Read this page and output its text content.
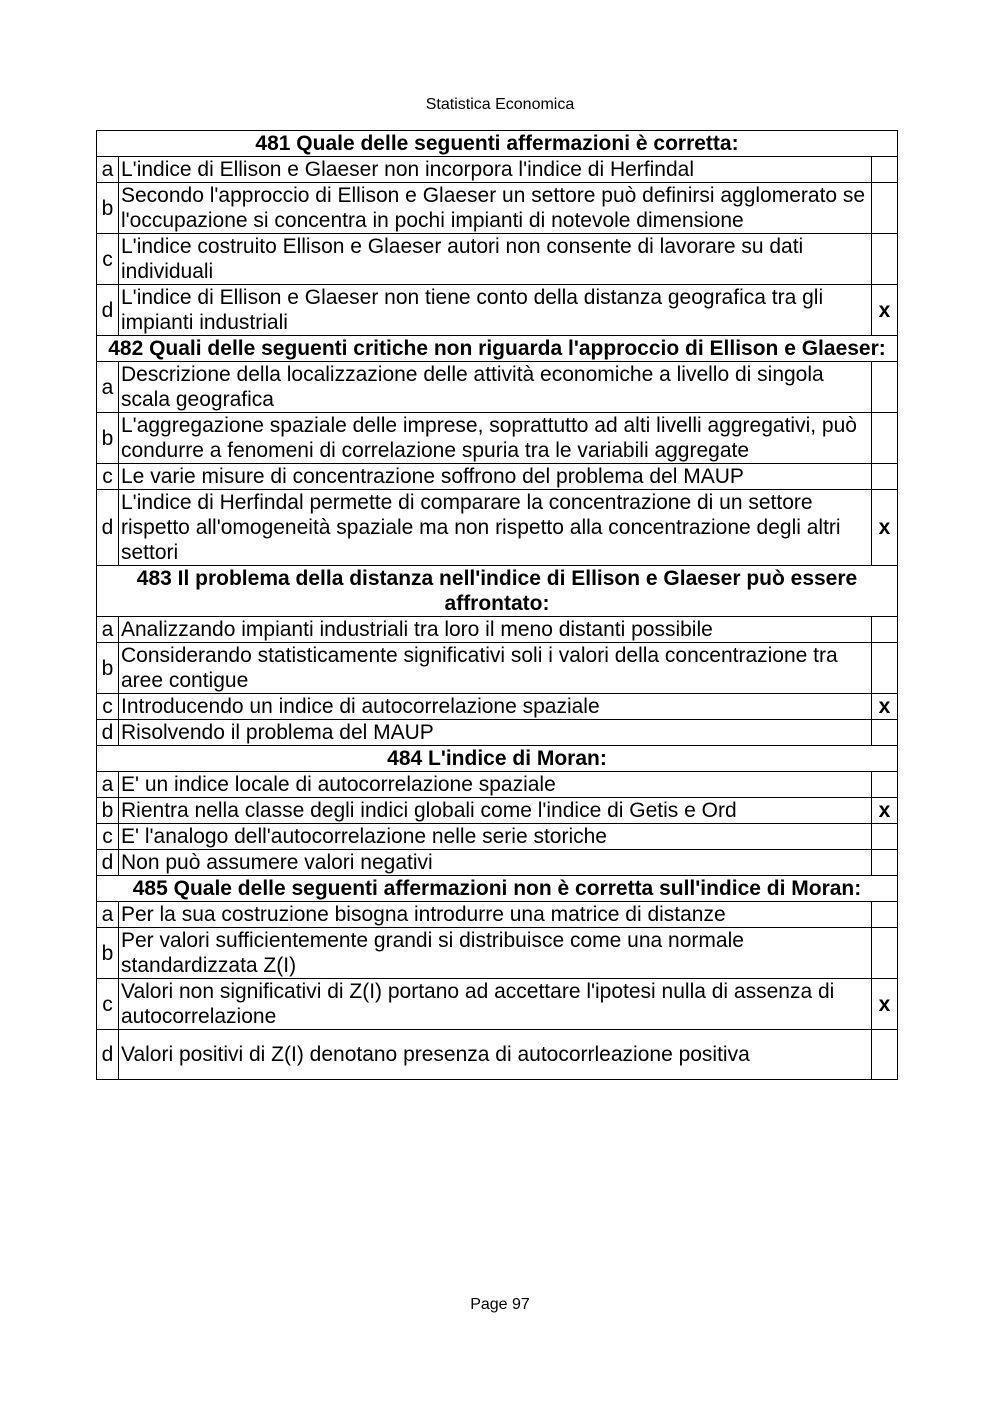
Statistica Economica
481 Quale delle seguenti affermazioni è corretta:		
a	L'indice di Ellison e Glaeser non incorpora l'indice di Herfindal	
b	Secondo l'approccio di Ellison e Glaeser un settore può definirsi agglomerato se l'occupazione si concentra in pochi impianti di notevole dimensione	
c	L'indice costruito Ellison e Glaeser autori non consente di lavorare su dati individuali	
d	L'indice di Ellison e Glaeser non tiene conto della distanza geografica tra gli impianti industriali	x
482 Quali delle seguenti critiche non riguarda l'approccio di Ellison e Glaeser:		
a	Descrizione della localizzazione delle attività economiche a livello di singola scala geografica	
b	L'aggregazione spaziale delle imprese, soprattutto ad alti livelli aggregativi, può condurre a fenomeni di correlazione spuria tra le variabili aggregate	
c	Le varie misure di concentrazione soffrono del problema del MAUP	
d	L'indice di Herfindal permette di comparare la concentrazione di un settore rispetto all'omogeneità spaziale ma non rispetto alla concentrazione degli altri settori	x
483 Il problema della distanza nell'indice di Ellison e Glaeser può essere affrontato:		
a	Analizzando impianti industriali tra loro il meno distanti possibile	
b	Considerando statisticamente significativi soli i valori della concentrazione tra aree contigue	
c	Introducendo un indice di autocorrelazione spaziale	x
d	Risolvendo il problema del MAUP	
484 L'indice di Moran:		
a	E' un indice locale di autocorrelazione spaziale	
b	Rientra nella classe degli indici globali come l'indice di Getis e Ord	x
c	E' l'analogo dell'autocorrelazione nelle serie storiche	
d	Non può assumere valori negativi	
485 Quale delle seguenti affermazioni non è corretta sull'indice di Moran:		
a	Per la sua costruzione bisogna introdurre una matrice di distanze	
b	Per valori sufficientemente grandi si distribuisce come una normale standardizzata Z(I)	
c	Valori non significativi di Z(I) portano ad accettare l'ipotesi nulla di assenza di autocorrelazione	x
d	Valori positivi di Z(I) denotano presenza di autocorrleazione positiva	
Page 97
